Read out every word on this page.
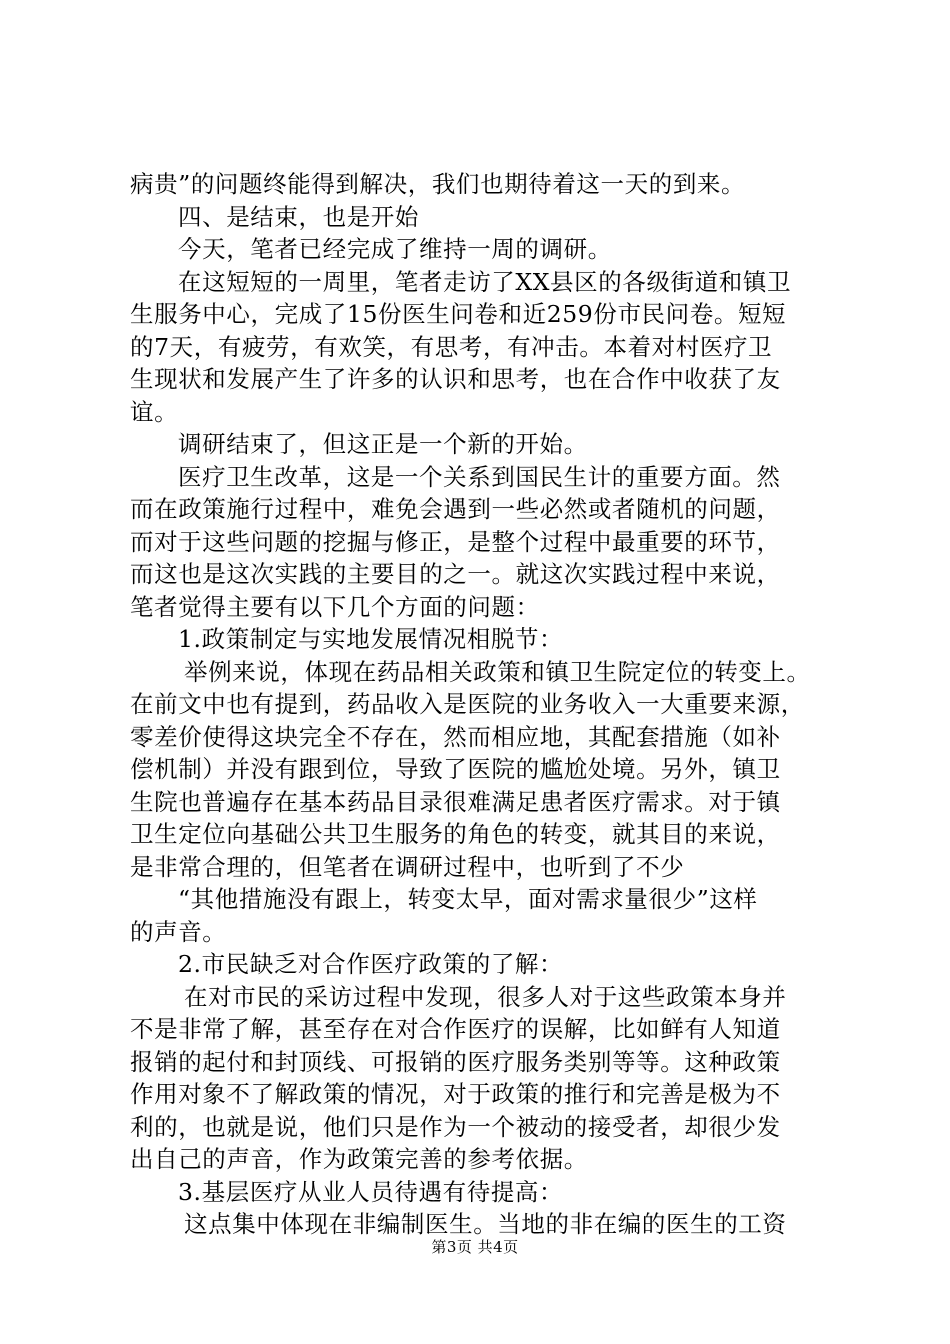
病贵”的问题终能得到解决，我们也期待着这一天的到来。

四、是结束，也是开始

今天，笔者已经完成了维持一周的调研。

在这短短的一周里，笔者走访了XX县区的各级街道和镇卫

生服务中心，完成了15份医生问卷和近259份市民问卷。短短

的7天，有疲劳，有欢笑，有思考，有冲击。本着对村医疗卫

生现状和发展产生了许多的认识和思考，也在合作中收获了友

谊。

调研结束了，但这正是一个新的开始。

医疗卫生改革，这是一个关系到国民生计的重要方面。然

而在政策施行过程中，难免会遇到一些必然或者随机的问题，

而对于这些问题的挖掘与修正，是整个过程中最重要的环节，

而这也是这次实践的主要目的之一。就这次实践过程中来说，

笔者觉得主要有以下几个方面的问题：

1.政策制定与实地发展情况相脱节：

举例来说，体现在药品相关政策和镇卫生院定位的转变上。

在前文中也有提到，药品收入是医院的业务收入一大重要来源，

零差价使得这块完全不存在，然而相应地，其配套措施（如补

偿机制）并没有跟到位，导致了医院的尴尬处境。另外，镇卫

生院也普遍存在基本药品目录很难满足患者医疗需求。对于镇

卫生定位向基础公共卫生服务的角色的转变，就其目的来说，

是非常合理的，但笔者在调研过程中，也听到了不少

“其他措施没有跟上，转变太早，面对需求量很少”这样

的声音。

2.市民缺乏对合作医疗政策的了解：

在对市民的采访过程中发现，很多人对于这些政策本身并

不是非常了解，甚至存在对合作医疗的误解，比如鲜有人知道

报销的起付和封顶线、可报销的医疗服务类别等等。这种政策

作用对象不了解政策的情况，对于政策的推行和完善是极为不

利的，也就是说，他们只是作为一个被动的接受者，却很少发

出自己的声音，作为政策完善的参考依据。

3.基层医疗从业人员待遇有待提高：

这点集中体现在非编制医生。当地的非在编的医生的工资

第3页 共4页
